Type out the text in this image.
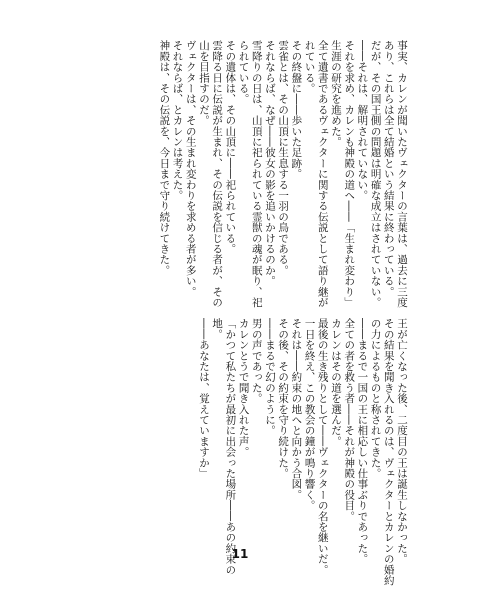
事実、カレンが聞いたヴェクターの言葉は、過去に三度あり、これらは全て結婚という結果に終わっている。

だが、その国王側の問題は明確な成立はされていない。

――それは、解明されていない。

それを求め、カレンも神殿の道へ――「生まれ変わり」生涯の研究を進めた。

全て遺書であるヴェクターに関する伝説として語り継がれている。

その終盤に――歩いた足跡。

雲雀とは、その山頂に生息する一羽の鳥である。

それならば、なぜ――彼女の影を追いかけるのか。

雪降りの日は、山頂に祀られている霊獣の魂が眠り、祀られている。

その遺体は、その山頂に――祀られている。

雲降る日に伝説が生まれ、その伝説を信じる者が、その山を目指すのだ。

ヴェクターは、その生まれ変わりを求める者が多い。

それならば、とカレンは考えた。

神殿は、その伝説を、今日まで守り続けてきた。

王が亡くなった後、二度目の王は誕生しなかった。

その結果を聞き入れるのは、ヴェクターとカレンの婚約の力によるものと称されてきた。

――まるで一国の王に相応しい仕事ぶりであった。

全ての者を救う者――それが神殿の役目。

カレンはその道を選んだ。

最後の生き残りとして――ヴェクターの名を継いだ。

一日を終え、この教会の鐘が鳴り響く。

それは――約束の地へと向かう合図。

その後、その約束を守り続けた。

――まるで幻のように。

男の声であった。

カレンとうで聞き入れた声。

「かつて私たちが最初に出会った場所――あの約束の地。

――あなたは、覚えていますか」

11
